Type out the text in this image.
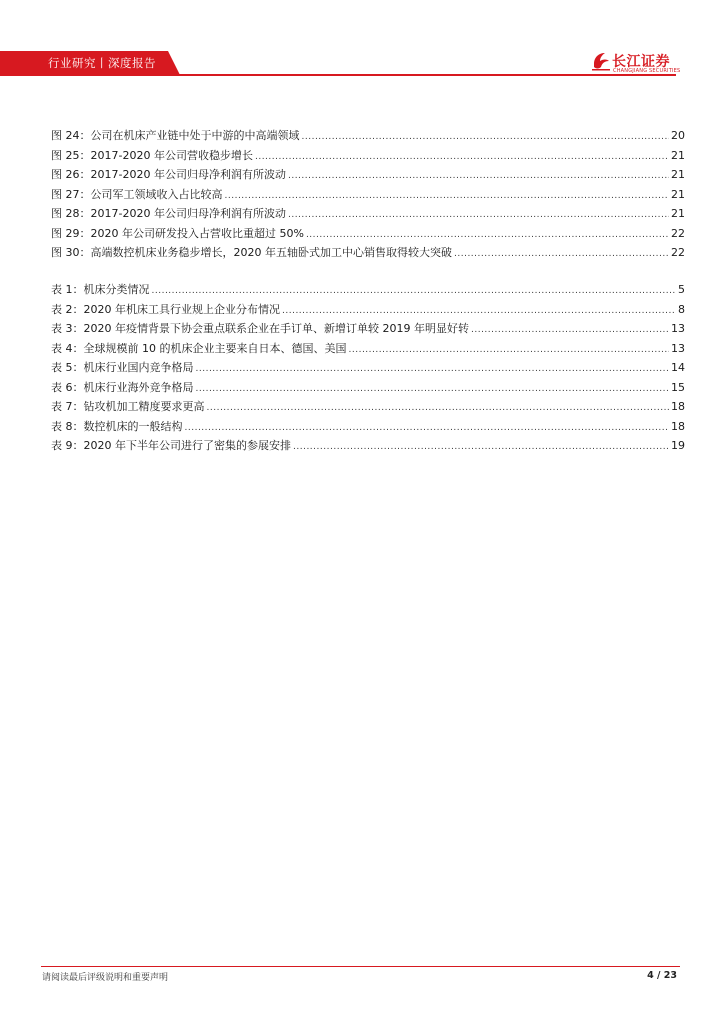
行业研究丨深度报告	长江证券
CHANGJIANG SECURITIES
图 24： 公司在机床产业链中处于中游的中高端领域 .....	20
图 25： 2017-2020 年公司营收稳步增长 .....	21
图 26： 2017-2020 年公司归母净利润有所波动 .....	21
图 27： 公司军工领域收入占比较高 .....	21
图 28： 2017-2020 年公司归母净利润有所波动 .....	21
图 29： 2020 年公司研发投入占营收比重超过 50% .....	22
图 30： 高端数控机床业务稳步增长，2020 年五轴卧式加工中心销售取得较大突破 .....	22
表 1： 机床分类情况 .....	5
表 2： 2020 年机床工具行业规上企业分布情况 .....	8
表 3： 2020 年疫情背景下协会重点联系企业在手订单、新增订单较 2019 年明显好转 .....	13
表 4： 全球规模前 10 的机床企业主要来自日本、德国、美国 .....	13
表 5： 机床行业国内竞争格局 .....	14
表 6： 机床行业海外竞争格局 .....	15
表 7： 钻攻机加工精度要求更高 .....	18
表 8： 数控机床的一般结构 .....	18
表 9： 2020 年下半年公司进行了密集的参展安排 .....	19
请阅读最后评级说明和重要声明	4 / 23
